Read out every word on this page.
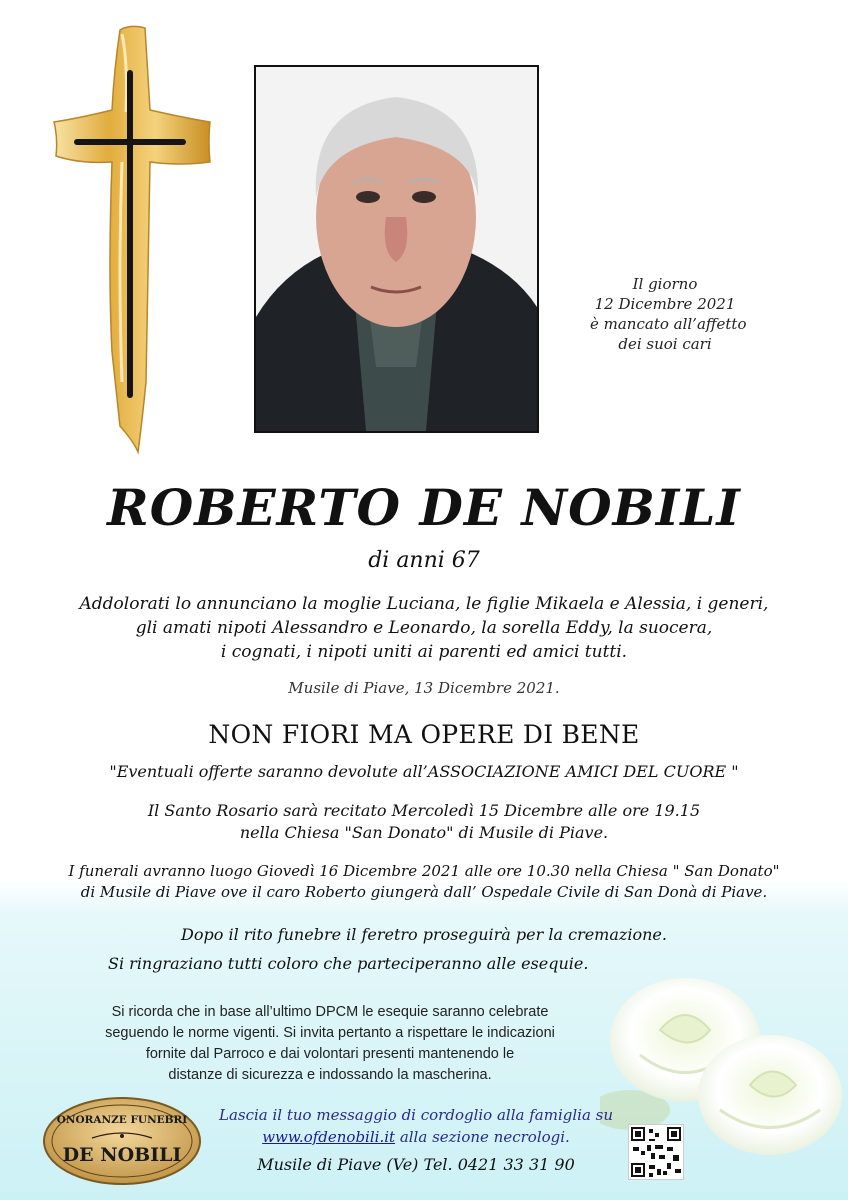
Il giorno
12 Dicembre 2021
è mancato all’affetto
dei suoi cari
ROBERTO DE NOBILI
di anni 67
Addolorati lo annunciano la moglie Luciana, le figlie Mikaela e Alessia, i generi,
gli amati nipoti Alessandro e Leonardo, la sorella Eddy, la suocera,
i cognati, i nipoti uniti ai parenti ed amici tutti.
Musile di Piave, 13 Dicembre 2021.
NON FIORI MA OPERE DI BENE
"Eventuali offerte saranno devolute all’ASSOCIAZIONE AMICI DEL CUORE "
Il Santo Rosario sarà recitato Mercoledì 15 Dicembre alle ore 19.15
nella Chiesa "San Donato" di Musile di Piave.
I funerali avranno luogo Giovedì 16 Dicembre 2021 alle ore 10.30 nella Chiesa " San Donato"
di Musile di Piave ove il caro Roberto giungerà dall’ Ospedale Civile di San Donà di Piave.
Dopo il rito funebre il feretro proseguirà per la cremazione.
Si ringraziano tutti coloro che parteciperanno alle esequie.
Si ricorda che in base all’ultimo DPCM le esequie saranno celebrate
seguendo le norme vigenti. Si invita pertanto a rispettare le indicazioni
fornite dal Parroco e dai volontari presenti mantenendo le
distanze di sicurezza e indossando la mascherina.
ONORANZE FUNEBRI
DE NOBILI
Lascia il tuo messaggio di cordoglio alla famiglia su
www.ofdenobili.it alla sezione necrologi.
Musile di Piave (Ve) Tel. 0421 33 31 90
